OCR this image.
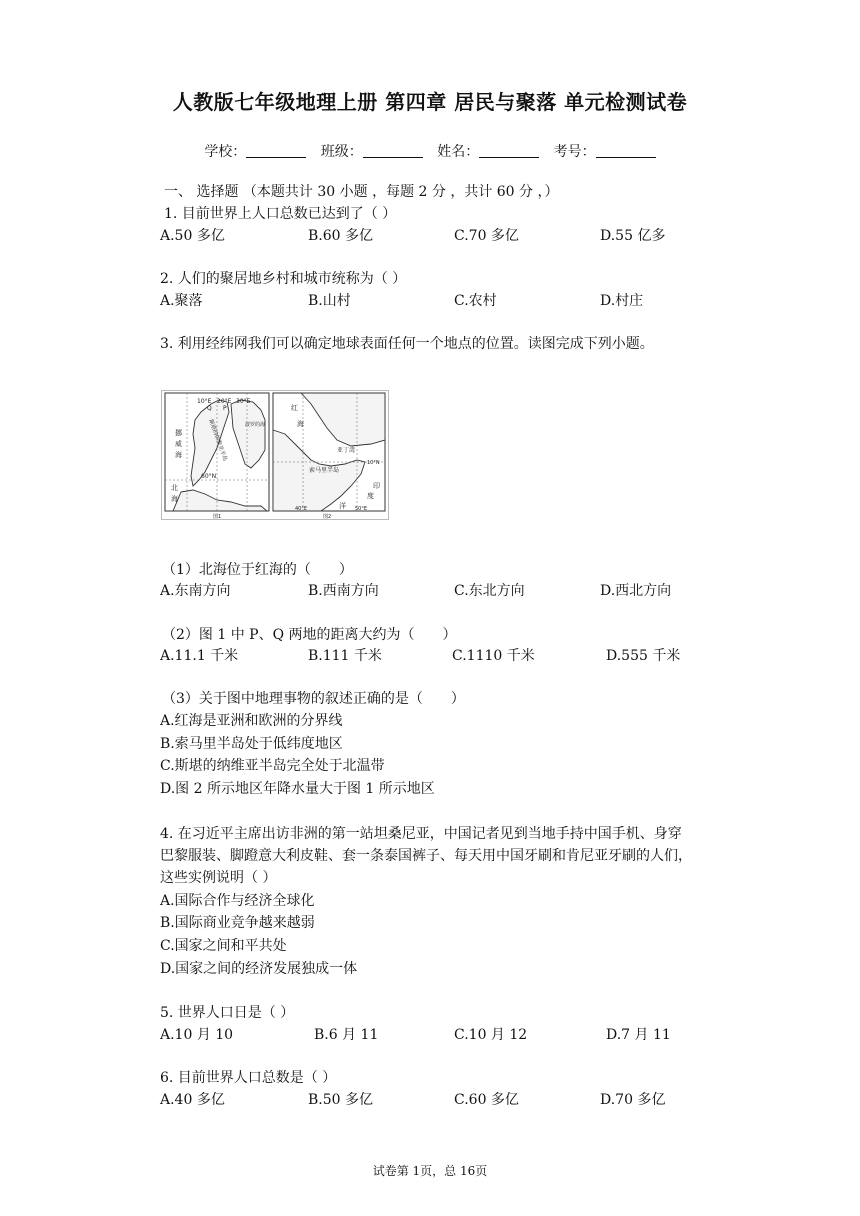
人教版七年级地理上册 第四章 居民与聚落 单元检测试卷
学校：	班级：	姓名：	考号：
一、 选择题 （本题共计 30 小题 ，每题 2 分 ，共计 60 分 ，）
1. 目前世界上人口总数已达到了（ ）
A.50 多亿	B.60 多亿	C.70 多亿	D.55 亿多
2. 人们的聚居地乡村和城市统称为（ ）
A.聚落	B.山村	C.农村	D.村庄
3. 利用经纬网我们可以确定地球表面任何一个地点的位置。读图完成下列小题。
10°E 20°E 30°E
60°N
P
Q
挪
威
海
北
海
波罗的海
斯堪的纳维亚半岛
图1
红
海
亚丁湾
索马里半岛
10°N
40°E	50°E
印
度
洋
图2
（1）北海位于红海的（　　）
A.东南方向	B.西南方向	C.东北方向	D.西北方向
（2）图 1 中 P、Q 两地的距离大约为（　　）
A.11.1 千米	B.111 千米	C.1110 千米	D.555 千米
（3）关于图中地理事物的叙述正确的是（　　）
A.红海是亚洲和欧洲的分界线
B.索马里半岛处于低纬度地区
C.斯堪的纳维亚半岛完全处于北温带
D.图 2 所示地区年降水量大于图 1 所示地区
4. 在习近平主席出访非洲的第一站坦桑尼亚，中国记者见到当地手持中国手机、身穿
巴黎服装、脚蹬意大利皮鞋、套一条泰国裤子、每天用中国牙刷和肯尼亚牙刷的人们，
这些实例说明（ ）
A.国际合作与经济全球化
B.国际商业竞争越来越弱
C.国家之间和平共处
D.国家之间的经济发展独成一体
5. 世界人口日是（ ）
A.10 月 10	B.6 月 11	C.10 月 12	D.7 月 11
6. 目前世界人口总数是（ ）
A.40 多亿	B.50 多亿	C.60 多亿	D.70 多亿
试卷第 1页，总 16页
